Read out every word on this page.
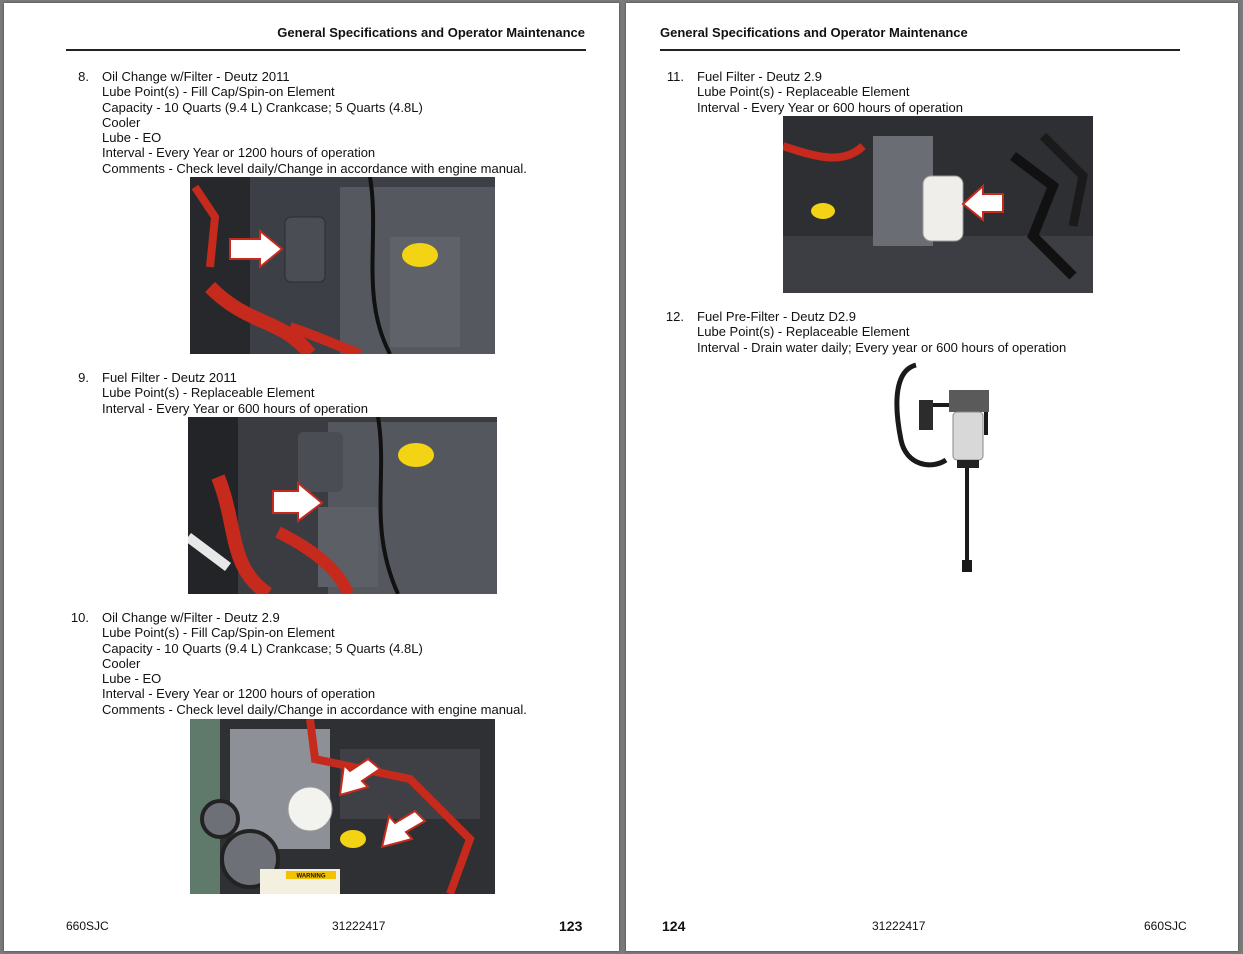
General Specifications and Operator Maintenance
8. Oil Change w/Filter - Deutz 2011
Lube Point(s) - Fill Cap/Spin-on Element
Capacity - 10 Quarts (9.4 L) Crankcase; 5 Quarts (4.8L)
Cooler
Lube - EO
Interval - Every Year or 1200 hours of operation
Comments - Check level daily/Change in accordance with engine manual.
9. Fuel Filter - Deutz 2011
Lube Point(s) - Replaceable Element
Interval - Every Year or 600 hours of operation
10. Oil Change w/Filter - Deutz 2.9
Lube Point(s) - Fill Cap/Spin-on Element
Capacity - 10 Quarts (9.4 L) Crankcase; 5 Quarts (4.8L)
Cooler
Lube - EO
Interval - Every Year or 1200 hours of operation
Comments - Check level daily/Change in accordance with engine manual.
WARNING
660SJC	31222417	123
General Specifications and Operator Maintenance
11. Fuel Filter - Deutz 2.9
Lube Point(s) - Replaceable Element
Interval - Every Year or 600 hours of operation
12. Fuel Pre-Filter - Deutz D2.9
Lube Point(s) - Replaceable Element
Interval - Drain water daily; Every year or 600 hours of operation
124	31222417	660SJC
